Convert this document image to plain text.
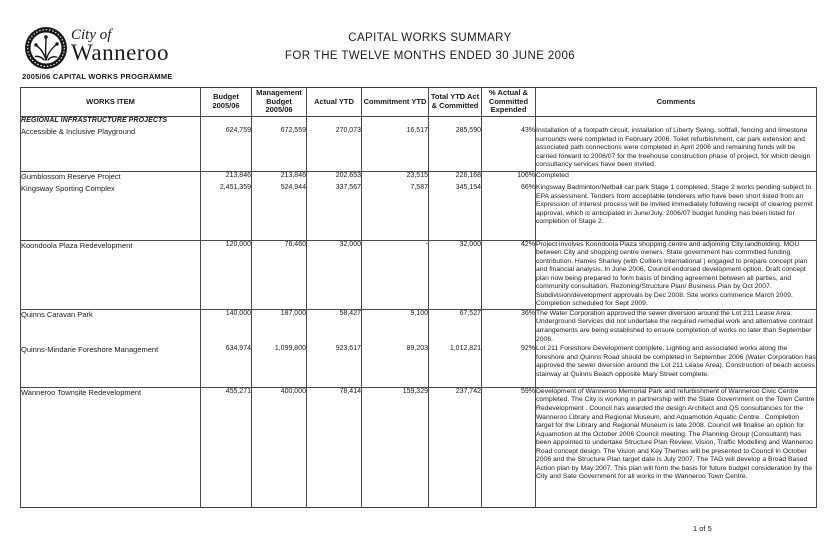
City of
Wanneroo
2005/06 CAPITAL WORKS PROGRAMME
CAPITAL WORKS SUMMARY
FOR THE TWELVE MONTHS ENDED 30 JUNE 2006
WORKS ITEM	Budget 2005/06	Management Budget 2005/06	Actual YTD	Commitment YTD	Total YTD Act & Committed	% Actual & Committed Expended	Comments
REGIONAL INFRASTRUCTURE PROJECTS							
Accessible & Inclusive Playground	624,759	672,559	270,073	16,517	285,590	43%	Installation of a footpath circuit, installation of Liberty Swing, softfall, fencing and limestone surrounds were completed in February 2006. Toilet refurbishment, car park extension and associated path connections were completed in April 2006 and remaining funds will be carried forward to 2006/07 for the treehouse construction phase of project, for which design consultancy services have been invited.
Gumblossom Reserve Project	213,846	213,846	202,653	23,515	226,168	106%	Completed
Kingsway Sporting Complex	2,451,359	524,944	337,567	7,587	345,154	66%	Kingsway Badminton/Netball car park Stage 1 completed. Stage 2 works pending subject to EPA assessment. Tenders from acceptable tenderers who have been short listed from an Expression of Interest process will be invited immediately following receipt of clearing permit approval, which is anticipated in June/July. 2006/07 budget funding has been listed for completion of Stage 2.
Koondoola Plaza Redevelopment	120,000	76,460	32,000	-	32,000	42%	Project involves Koondoola Plaza shopping centre and adjoining City landholding. MOU between City and shopping centre owners. State government has committed funding contribution. Hames Sharley (with Colliers International ) engaged to prepare concept plan and financial analysis. In June 2006, Council endorsed development option. Draft concept plan now being prepared to form basis of binding agreement between all parties, and community consultation. Rezoning/Structure Plan/ Business Plan by Oct 2007. Subdivision/development approvals by Dec 2008. Site works commence March 2009. Completion scheduled for Sept 2009.
Quinns Caravan Park	140,000	187,000	58,427	9,100	67,527	36%	The Water Corporation approved the sewer diversion around the Lot 211 Lease Area. Underground Services did not undertake the required remedial work and alternative contract arrangements are being established to ensure completion of works no later than September 2006.
Quinns-Mindarie Foreshore Management	634,974	1,099,800	923,617	89,203	1,012,821	92%	Lot 211 Foreshore Development complete. Lighting and associated works along the foreshore and Quinns Road should be completed in September 2006 (Water Corporation has approved the sewer diversion around the Lot 211 Lease Area). Construction of beach access stairway at Quinns Beach opposite Mary Street complete.
Wanneroo Townsite Redevelopment	455,271	400,000	78,414	159,329	237,742	59%	Development of Wanneroo Memorial Park and refurbishment of Wanneroo Civic Centre completed. The City is working in partnership with the State Government on the Town Centre Redevelopment . Council has awarded the design Architect and QS consultancies for the Wanneroo Library and Regional Museum, and Aquamotion Aquatic Centre . Completion target for the Library and Regional Museum is late 2008. Council will finalise an option for Aquamotion at the October 2006 Council meeting. The Planning Group (Consultant) has been appointed to undertake Structure Plan Review, Vision, Traffic Modelling and Wanneroo Road concept design. The Vision and Key Themes will be presented to Council in October 2006 and the Structure Plan target date is July 2007. The TAG will develop a Broad Based Action plan by May 2007. This plan will form the basis for future budget consideration by the City and Sate Government for all works in the Wanneroo Town Centre.
1 of 5
